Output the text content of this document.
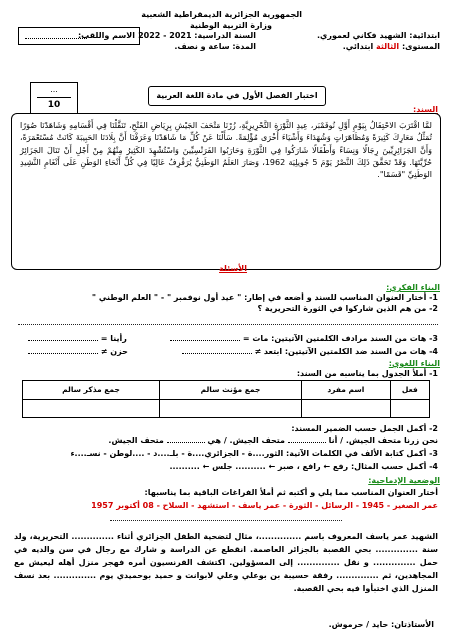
الجمهورية الجزائرية الديمقراطية الشعبية
وزارة التربية الوطنية
ابتدائية: الشهيد فكاني لعموري.
المستوى: الثالثة ابتدائي.
السنة الدراسية: 2021 - 2022
المدة: ساعة و نصف.
الاسم واللقب:
...
10
اختبار الفصل الأول في مادة اللغة العربية
السند:

لمَّا اقْتَرَبَ الاحْتِفَالُ بِيَوْمِ أَوَّلِ نُوفَمْبَر، عِيدِ الثَّوْرَةِ التَّحْرِيرِيَّةِ، زُرْنَا مَتْحَفَ الجَيْشِ بِرِيَاضِ الفَتْحِ، تَنَقَّلْنَا فِي أَقْسَامِهِ وَشَاهَدْنَا صُوَرًا تُمَثِّلُ مَعَارِكَ كَثِيرَةً وَمُظَاهَرَاتٍ وَشُهَدَاءَ وَأَشْيَاءَ أُخْرَى مُؤْلِمَةً. سَأَلْنَا عَنْ كُلِّ مَا شَاهَدْنَا وَعَرَفْنَا أَنَّ بِلَادَنَا الحَبِيبَةَ كَانَتْ مُسْتَعْمَرَةً، وَأَنَّ الجَزَائِرِيِّينَ رِجَالًا وَنِسَاءً وَأَطْفَالًا شَارَكُوا فِي الثَّوْرَةِ وَحَارَبُوا الفَرَنْسِيِّينَ وَاسْتُشْهِدَ الكَثِيرُ مِنْهُمْ مِنْ أَجْلِ أَنْ تَنَالَ الجَزَائِرُ حُرِّيَّتَهَا. وَقَدْ تَحَقَّقَ ذَلِكَ النَّصْرُ يَوْمَ 5 جُويلِيَة 1962، وَصَارَ العَلَمُ الوَطَنِيُّ يُرَفْرِفُ عَالِيًا فِي كُلِّ أَنْحَاءِ الوَطَنِ عَلَى أَنْغَامِ النَّشِيدِ الوَطَنِيِّ "قَسَمًا".

الأسئلة
البناء الفكري:
1- أختار العنوان المناسب للسند و أضعه في إطار: " عيد أول نوفمبر " - " العلم الوطني "
2- من هم الذين شاركوا في الثورة التحريرية ؟
3- هات من السند مرادف الكلمتين الآتيتين: مات =
رأينا =
4- هات من السند ضد الكلمتين الآتيتين: ابتعد ≠
حزن ≠
البناء اللغوي:
1- أملأ الجدول بما يناسبه من السند:
فعل	اسم مفرد	جمع مؤنث سالم	جمع مذكر سالم

2- أكمل الجمل حسب الضمير المسند:
نحن زرنا متحف الجيش. / أنا  متحف الجيش. / هي  متحف الجيش.
3- أكمل كتابة الألف في الكلمات الآتية: الثور....ة - الجزائري....ة - بلـ....د - ....لوطن - نسـ....ء
4- أكمل حسب المثال: رفع ← رافع ، صبر ← .......... جلس ← ..........
الوضعية الإدماجية:
أختار العنوان المناسب مما يلي و أكتبه ثم أملأ الفراغات الباقية بما يناسبها:
عمر الصغير - 1945 - الرسائل - الثورة - عمر ياسف - استشهد - السلاح - 08 أكتوبر 1957

الشهيد عمر ياسف المعروف باسم ..............، مثال لتضحية الطفل الجزائري أثناء .............. التحريرية، ولد سنة .............. بحي القصبة بالجزائر العاصمة. انقطع عن الدراسة و شارك مع رجال في سن والديه في حمل .............. و نقل .............. إلى المسؤولين. اكتشف الفرنسيون أمره فهجر منزل أهله ليعيش مع المجاهدين، ثم .............. رفقة حسيبة بن بوعلي وعلي لابوانت و حميد بوحميدي يوم .............. بعد نسف المنزل الذي اختبأوا فيه بحي القصبة.

الأستاذتان: حايد / حرموش.
